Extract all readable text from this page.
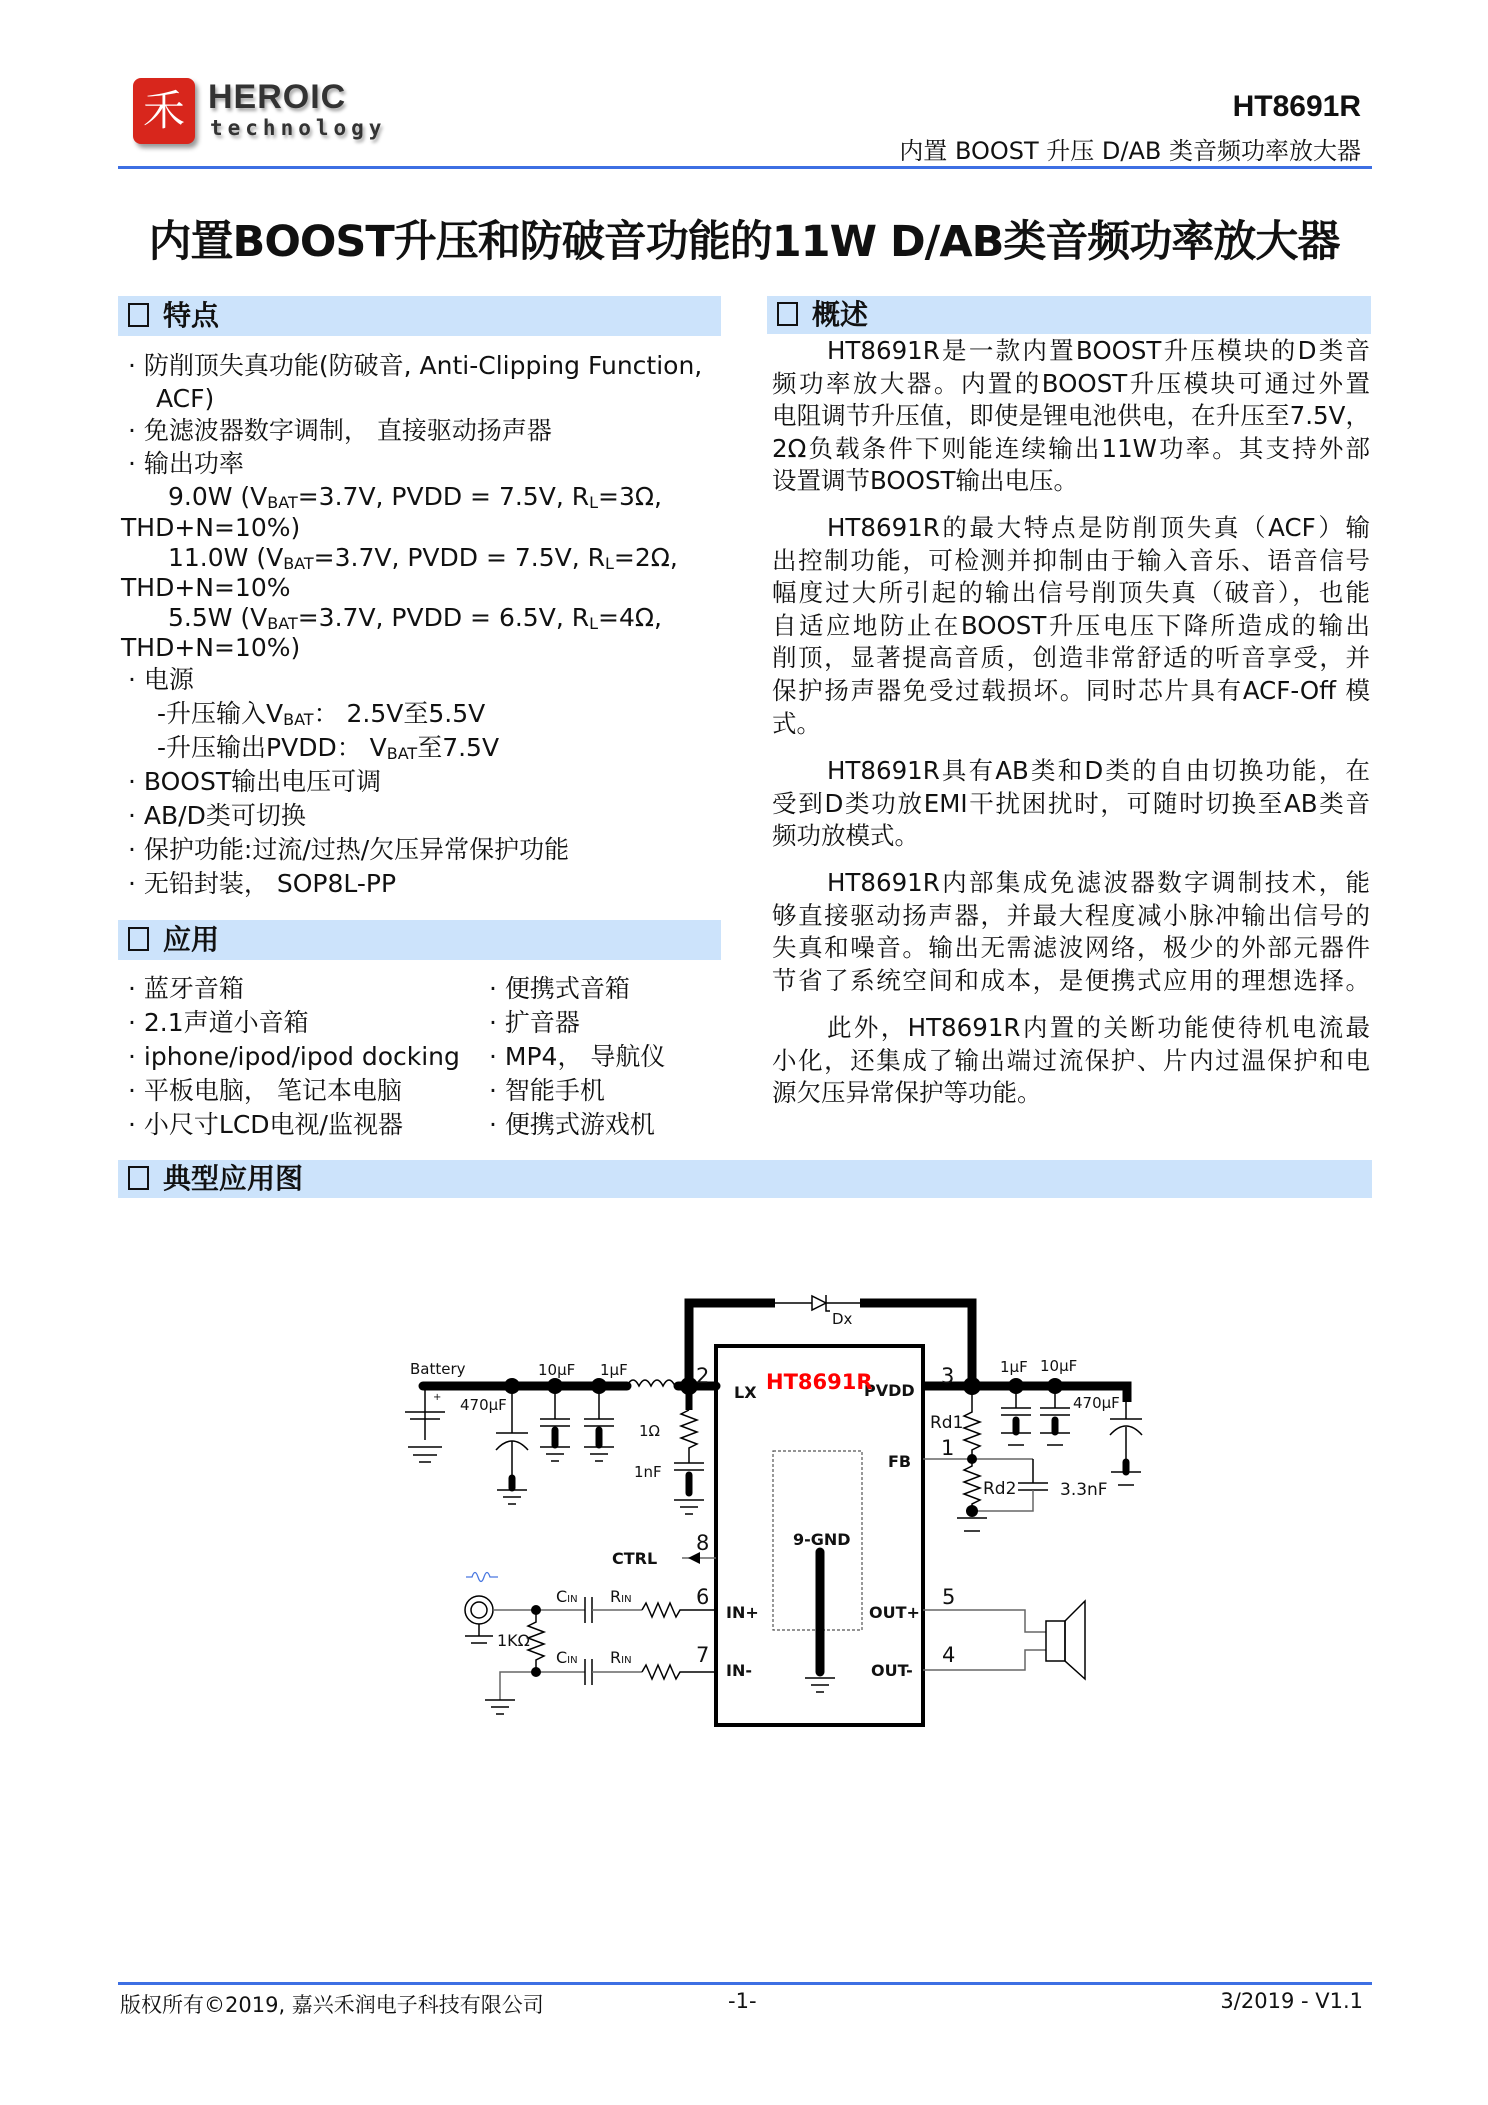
禾 HEROIC
technology
HT8691R
内置 BOOST 升压 D/AB 类音频功率放大器
内置BOOST升压和防破音功能的11W D/AB类音频功率放大器
特点
· 防削顶失真功能(防破音, Anti-Clipping Function,
ACF)
· 免滤波器数字调制， 直接驱动扬声器
· 输出功率
9.0W ($V_{BAT}=3.7V$, PVDD = 7.5V, $R_L=3\Omega$,
THD+N=10%)
11.0W ($V_{BAT}=3.7V$, PVDD = 7.5V, $R_L=2\Omega$,
THD+N=10%
5.5W ($V_{BAT}=3.7V$, PVDD = 6.5V, $R_L=4\Omega$,
THD+N=10%)
· 电源
-升压输入$V_{BAT}$： 2.5V至5.5V
-升压输出PVDD： $V_{BAT}$至7.5V
· BOOST输出电压可调
· AB/D类可切换
· 保护功能:过流/过热/欠压异常保护功能
· 无铅封装， SOP8L-PP
应用
· 蓝牙音箱
· 2.1声道小音箱
· iphone/ipod/ipod docking
· 平板电脑， 笔记本电脑
· 小尺寸LCD电视/监视器
· 便携式音箱
· 扩音器
· MP4， 导航仪
· 智能手机
· 便携式游戏机
概述
HT8691R是一款内置BOOST升压模块的D类音
频功率放大器。内置的BOOST升压模块可通过外置
电阻调节升压值，即使是锂电池供电，在升压至7.5V，
2Ω负载条件下则能连续输出11W功率。其支持外部
设置调节BOOST输出电压。
HT8691R的最大特点是防削顶失真（ACF）输
出控制功能，可检测并抑制由于输入音乐、语音信号
幅度过大所引起的输出信号削顶失真（破音），也能
自适应地防止在BOOST升压电压下降所造成的输出
削顶，显著提高音质，创造非常舒适的听音享受，并
保护扬声器免受过载损坏。同时芯片具有ACF-Off 模
式。
HT8691R具有AB类和D类的自由切换功能，在
受到D类功放EMI干扰困扰时，可随时切换至AB类音
频功放模式。
HT8691R内部集成免滤波器数字调制技术，能
够直接驱动扬声器，并最大程度减小脉冲输出信号的
失真和噪音。输出无需滤波网络，极少的外部元器件
节省了系统空间和成本，是便携式应用的理想选择。
此外，HT8691R内置的关断功能使待机电流最
小化，还集成了输出端过流保护、片内过温保护和电
源欠压异常保护等功能。
典型应用图
Battery
+ 470μF
10μF 1μF
1Ω
1nF
Dx
1μF 10μF
470μF
Rd1
Rd2	3.3nF
CIN RIN
CIN RIN
1KΩ
2	3
1
8
6
7
5
4
LX	PVDD
FB
CTRL
IN+
IN-
OUT+
OUT-
9-GND
HT8691R
版权所有©2019, 嘉兴禾润电子科技有限公司	-1-	3/2019 - V1.1
